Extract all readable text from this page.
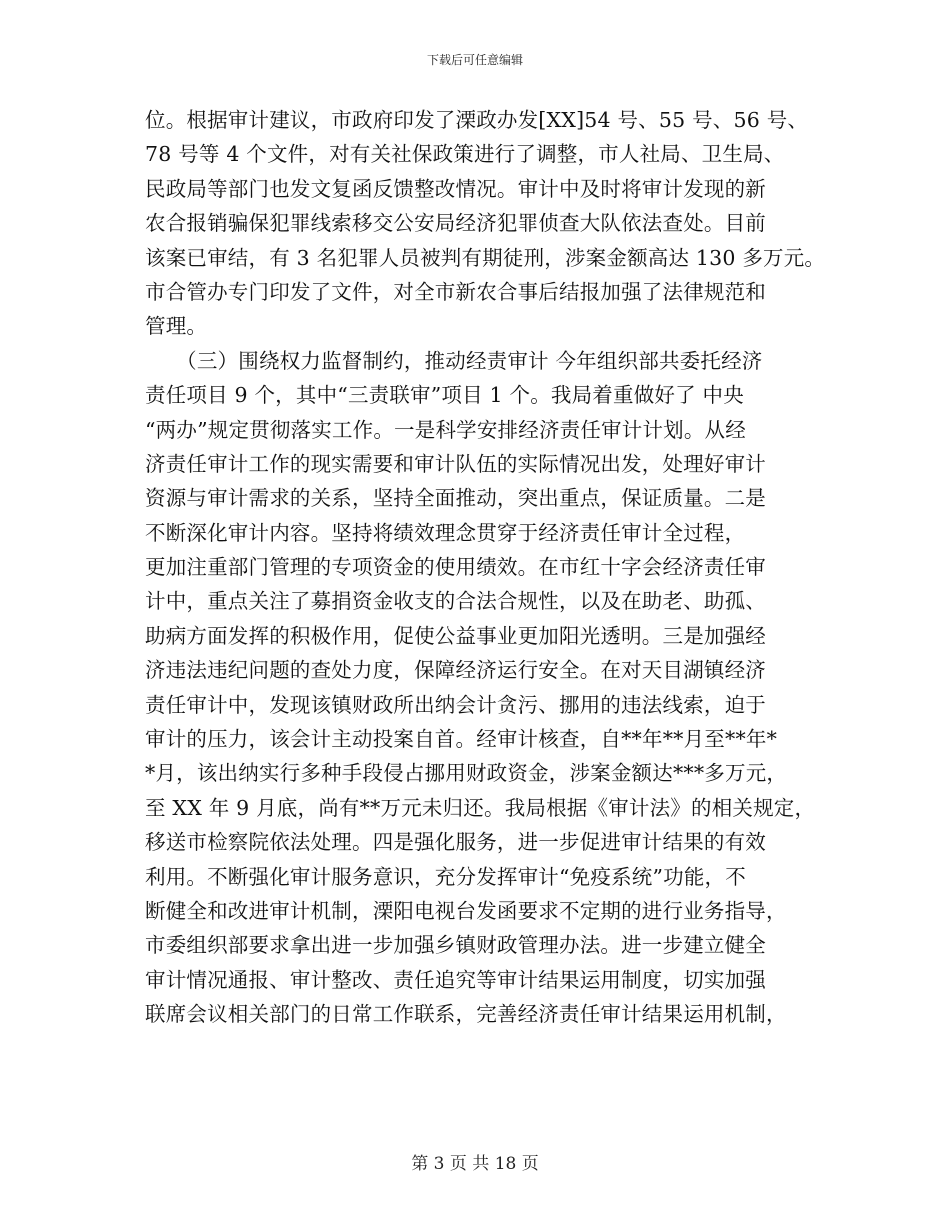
下载后可任意编辑
位。根据审计建议，市政府印发了溧政办发[XX]54 号、55 号、56 号、
78 号等 4 个文件，对有关社保政策进行了调整，市人社局、卫生局、
民政局等部门也发文复函反馈整改情况。审计中及时将审计发现的新
农合报销骗保犯罪线索移交公安局经济犯罪侦查大队依法查处。目前
该案已审结，有 3 名犯罪人员被判有期徒刑，涉案金额高达 130 多万元。
市合管办专门印发了文件，对全市新农合事后结报加强了法律规范和
管理。
　　（三）围绕权力监督制约，推动经责审计 今年组织部共委托经济
责任项目 9 个，其中“三责联审”项目 1 个。我局着重做好了 中央
“两办”规定贯彻落实工作。一是科学安排经济责任审计计划。从经
济责任审计工作的现实需要和审计队伍的实际情况出发，处理好审计
资源与审计需求的关系，坚持全面推动，突出重点，保证质量。二是
不断深化审计内容。坚持将绩效理念贯穿于经济责任审计全过程，
更加注重部门管理的专项资金的使用绩效。在市红十字会经济责任审
计中，重点关注了募捐资金收支的合法合规性，以及在助老、助孤、
助病方面发挥的积极作用，促使公益事业更加阳光透明。三是加强经
济违法违纪问题的查处力度，保障经济运行安全。在对天目湖镇经济
责任审计中，发现该镇财政所出纳会计贪污、挪用的违法线索，迫于
审计的压力，该会计主动投案自首。经审计核查，自**年**月至**年*
*月，该出纳实行多种手段侵占挪用财政资金，涉案金额达***多万元，
至 XX 年 9 月底，尚有**万元未归还。我局根据《审计法》的相关规定，
移送市检察院依法处理。四是强化服务，进一步促进审计结果的有效
利用。不断强化审计服务意识，充分发挥审计“免疫系统”功能，不
断健全和改进审计机制，溧阳电视台发函要求不定期的进行业务指导，
市委组织部要求拿出进一步加强乡镇财政管理办法。进一步建立健全
审计情况通报、审计整改、责任追究等审计结果运用制度，切实加强
联席会议相关部门的日常工作联系，完善经济责任审计结果运用机制，
第 3 页 共 18 页
